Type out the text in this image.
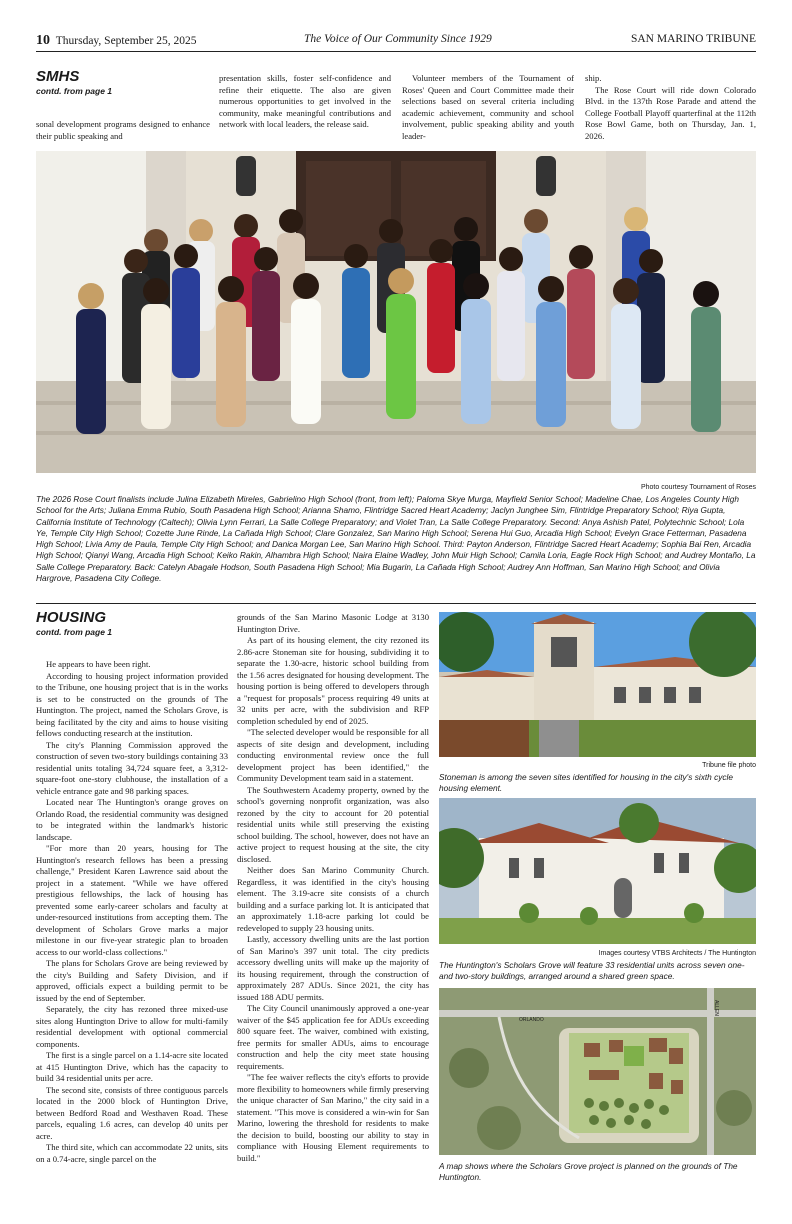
10 Thursday, September 25, 2025	The Voice of Our Community Since 1929	SAN MARINO TRIBUNE
SMHS
contd. from page 1

sonal development programs designed to enhance their public speaking and

presentation skills, foster self-confidence and refine their etiquette. The also are given numerous opportunities to get involved in the community, make meaningful contributions and network with local leaders, the release said.

Volunteer members of the Tournament of Roses' Queen and Court Committee made their selections based on several criteria including academic achievement, community and school involvement, public speaking ability and youth leader-

ship.

The Rose Court will ride down Colorado Blvd. in the 137th Rose Parade and attend the College Football Playoff quarterfinal at the 112th Rose Bowl Game, both on Thursday, Jan. 1, 2026.

Photo courtesy Tournament of Roses
The 2026 Rose Court finalists include Julina Elizabeth Mireles, Gabrielino High School (front, from left); Paloma Skye Murga, Mayfield Senior School; Madeline Chae, Los Angeles County High School for the Arts; Juliana Emma Rubio, South Pasadena High School; Arianna Shamo, Flintridge Sacred Heart Academy; Jaclyn Junghee Sim, Flintridge Preparatory School; Riya Gupta, California Institute of Technology (Caltech); Olivia Lynn Ferrari, La Salle College Preparatory; and Violet Tran, La Salle College Preparatory. Second: Anya Ashish Patel, Polytechnic School; Lola Ye, Temple City High School; Cozette June Rinde, La Cañada High School; Clare Gonzalez, San Marino High School; Serena Hui Guo, Arcadia High School; Evelyn Grace Fetterman, Pasadena High School; Livia Amy de Paula, Temple City High School; and Danica Morgan Lee, San Marino High School. Third: Payton Anderson, Flintridge Sacred Heart Academy; Sophia Bai Ren, Arcadia High School; Qianyi Wang, Arcadia High School; Keiko Rakin, Alhambra High School; Naira Elaine Wadley, John Muir High School; Camila Loria, Eagle Rock High School; and Audrey Montaño, La Salle College Preparatory. Back: Catelyn Abagale Hodson, South Pasadena High School; Mia Bugarin, La Cañada High School; Audrey Ann Hoffman, San Marino High School; and Olivia Hargrove, Pasadena City College.
HOUSING
contd. from page 1

He appears to have been right.

According to housing project information provided to the Tribune, one housing project that is in the works is set to be constructed on the grounds of The Huntington. The project, named the Scholars Grove, is being facilitated by the city and aims to house visiting fellows conducting research at the institution.

The city's Planning Commission approved the construction of seven two-story buildings containing 33 residential units totaling 34,724 square feet, a 3,312-square-foot one-story clubhouse, the installation of a vehicle entrance gate and 98 parking spaces.

Located near The Huntington's orange groves on Orlando Road, the residential community was designed to be integrated within the landmark's historic landscape.

"For more than 20 years, housing for The Huntington's research fellows has been a pressing challenge," President Karen Lawrence said about the project in a statement. "While we have offered prestigious fellowships, the lack of housing has prevented some early-career scholars and faculty at under-resourced institutions from accepting them. The development of Scholars Grove marks a major milestone in our five-year strategic plan to broaden access to our world-class collections."

The plans for Scholars Grove are being reviewed by the city's Building and Safety Division, and if approved, officials expect a building permit to be issued by the end of September.

Separately, the city has rezoned three mixed-use sites along Huntington Drive to allow for multi-family residential development with optional commercial components.

The first is a single parcel on a 1.14-acre site located at 415 Huntington Drive, which has the capacity to build 34 residential units per acre.

The second site, consists of three contiguous parcels located in the 2000 block of Huntington Drive, between Bedford Road and Westhaven Road. These parcels, equaling 1.6 acres, can develop 40 units per acre.

The third site, which can accommodate 22 units, sits on a 0.74-acre, single parcel on the

grounds of the San Marino Masonic Lodge at 3130 Huntington Drive.

As part of its housing element, the city rezoned its 2.86-acre Stoneman site for housing, subdividing it to separate the 1.30-acre, historic school building from the 1.56 acres designated for housing development. The housing portion is being offered to developers through a "request for proposals" process requiring 49 units at 32 units per acre, with the subdivision and RFP completion scheduled by end of 2025.

"The selected developer would be responsible for all aspects of site design and development, including conducting environmental review once the full development project has been identified," the Community Development team said in a statement.

The Southwestern Academy property, owned by the school's governing nonprofit organization, was also rezoned by the city to account for 20 potential residential units while still preserving the existing school building. The school, however, does not have an active project to request housing at the site, the city disclosed.

Neither does San Marino Community Church. Regardless, it was identified in the city's housing element. The 3.19-acre site consists of a church building and a surface parking lot. It is anticipated that an approximately 1.18-acre parking lot could be redeveloped to supply 23 housing units.

Lastly, accessory dwelling units are the last portion of San Marino's 397 unit total. The city predicts accessory dwelling units will make up the majority of its housing requirement, through the construction of approximately 287 ADUs. Since 2021, the city has issued 188 ADU permits.

The City Council unanimously approved a one-year waiver of the $45 application fee for ADUs exceeding 800 square feet. The waiver, combined with existing, free permits for smaller ADUs, aims to encourage construction and help the city meet state housing requirements.

"The fee waiver reflects the city's efforts to provide more flexibility to homeowners while firmly preserving the unique character of San Marino," the city said in a statement. "This move is considered a win-win for San Marino, lowering the threshold for residents to make the decision to build, boosting our ability to stay in compliance with Housing Element requirements to build."

Tribune file photo
Stoneman is among the seven sites identified for housing in the city's sixth cycle housing element.
Images courtesy VTBS Architects / The Huntington
The Huntington's Scholars Grove will feature 33 residential units across seven one- and two-story buildings, arranged around a shared green space.
ORLANDO
ALLEN
A map shows where the Scholars Grove project is planned on the grounds of The Huntington.
